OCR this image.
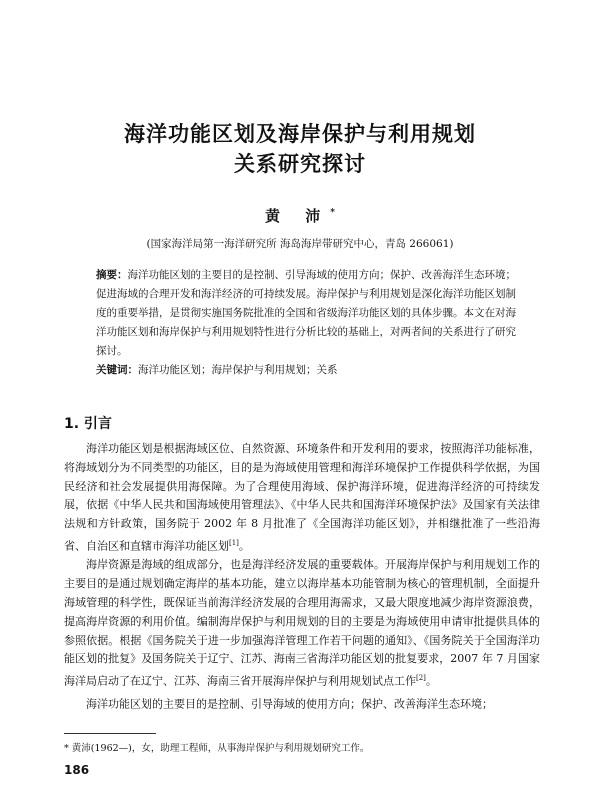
海洋功能区划及海岸保护与利用规划
关系研究探讨
黄 沛*
(国家海洋局第一海洋研究所 海岛海岸带研究中心，青岛 266061)
摘要：海洋功能区划的主要目的是控制、引导海域的使用方向；保护、改善海洋生态环境；促进海域的合理开发和海洋经济的可持续发展。海岸保护与利用规划是深化海洋功能区划制度的重要举措，是贯彻实施国务院批准的全国和省级海洋功能区划的具体步骤。本文在对海洋功能区划和海岸保护与利用规划特性进行分析比较的基础上，对两者间的关系进行了研究探讨。
关键词：海洋功能区划；海岸保护与利用规划；关系
1. 引言

海洋功能区划是根据海域区位、自然资源、环境条件和开发利用的要求，按照海洋功能标准，将海域划分为不同类型的功能区，目的是为海域使用管理和海洋环境保护工作提供科学依据，为国民经济和社会发展提供用海保障。为了合理使用海域、保护海洋环境，促进海洋经济的可持续发展，依据《中华人民共和国海域使用管理法》、《中华人民共和国海洋环境保护法》及国家有关法律法规和方针政策，国务院于 2002 年 8 月批准了《全国海洋功能区划》，并相继批准了一些沿海省、自治区和直辖市海洋功能区划[1]。

海岸资源是海域的组成部分，也是海洋经济发展的重要载体。开展海岸保护与利用规划工作的主要目的是通过规划确定海岸的基本功能，建立以海岸基本功能管制为核心的管理机制，全面提升海域管理的科学性，既保证当前海洋经济发展的合理用海需求，又最大限度地减少海岸资源浪费，提高海岸资源的利用价值。编制海岸保护与利用规划的目的主要是为海域使用申请审批提供具体的参照依据。根据《国务院关于进一步加强海洋管理工作若干问题的通知》、《国务院关于全国海洋功能区划的批复》及国务院关于辽宁、江苏、海南三省海洋功能区划的批复要求，2007 年 7 月国家海洋局启动了在辽宁、江苏、海南三省开展海岸保护与利用规划试点工作[2]。

海洋功能区划的主要目的是控制、引导海域的使用方向；保护、改善海洋生态环境；

* 黄沛(1962—)，女，助理工程师，从事海岸保护与利用规划研究工作。
186
